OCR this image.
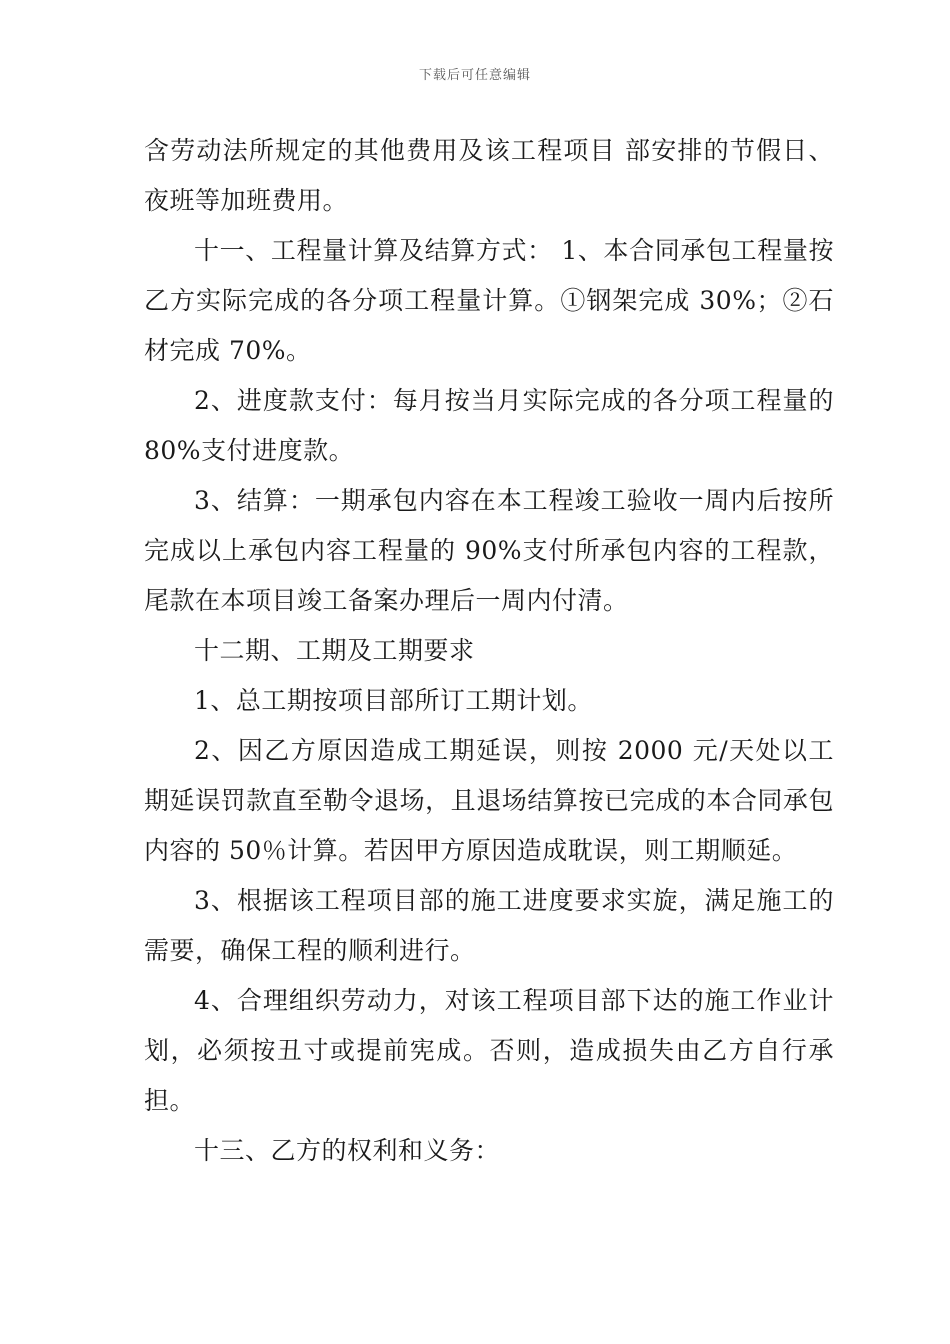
下载后可任意编辑

含劳动法所规定的其他费用及该工程项目 部安排的节假日、夜班等加班费用。

十一、工程量计算及结算方式： 1、本合同承包工程量按乙方实际完成的各分项工程量计算。①钢架完成 30%；②石材完成 70%。

2、进度款支付：每月按当月实际完成的各分项工程量的 80%支付进度款。

3、结算：一期承包内容在本工程竣工验收一周内后按所完成以上承包内容工程量的 90%支付所承包内容的工程款，尾款在本项目竣工备案办理后一周内付清。

十二期、工期及工期要求

1、总工期按项目部所订工期计划。

2、因乙方原因造成工期延误，则按 2000 元/天处以工期延误罚款直至勒令退场，且退场结算按已完成的本合同承包内容的 50％计算。若因甲方原因造成耽误，则工期顺延。

3、根据该工程项目部的施工进度要求实旋，满足施工的需要，确保工程的顺利进行。

4、合理组织劳动力，对该工程项目部下达的施工作业计划，必须按丑寸或提前宪成。否则，造成损失由乙方自行承担。

十三、乙方的权利和义务：
